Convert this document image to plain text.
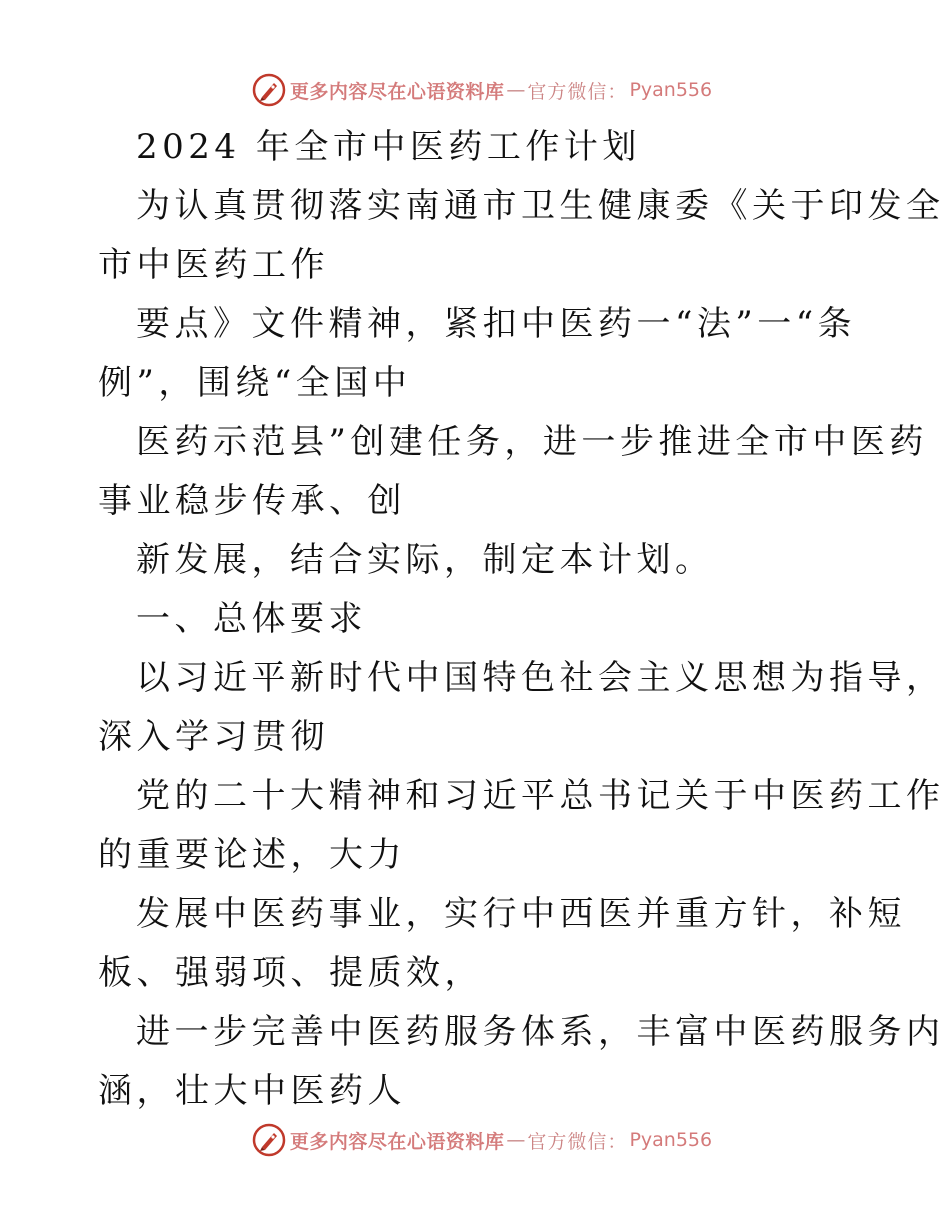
更多内容尽在心语资料库 — 官方微信： Pyan556
2024 年全市中医药工作计划
为认真贯彻落实南通市卫生健康委《关于印发全
市中医药工作
要点》文件精神，紧扣中医药一“法”一“条
例”，围绕“全国中
医药示范县”创建任务，进一步推进全市中医药
事业稳步传承、创
新发展，结合实际，制定本计划。
一、总体要求
以习近平新时代中国特色社会主义思想为指导，
深入学习贯彻
党的二十大精神和习近平总书记关于中医药工作
的重要论述，大力
发展中医药事业，实行中西医并重方针，补短
板、强弱项、提质效，
进一步完善中医药服务体系，丰富中医药服务内
涵，壮大中医药人
更多内容尽在心语资料库 — 官方微信： Pyan556
